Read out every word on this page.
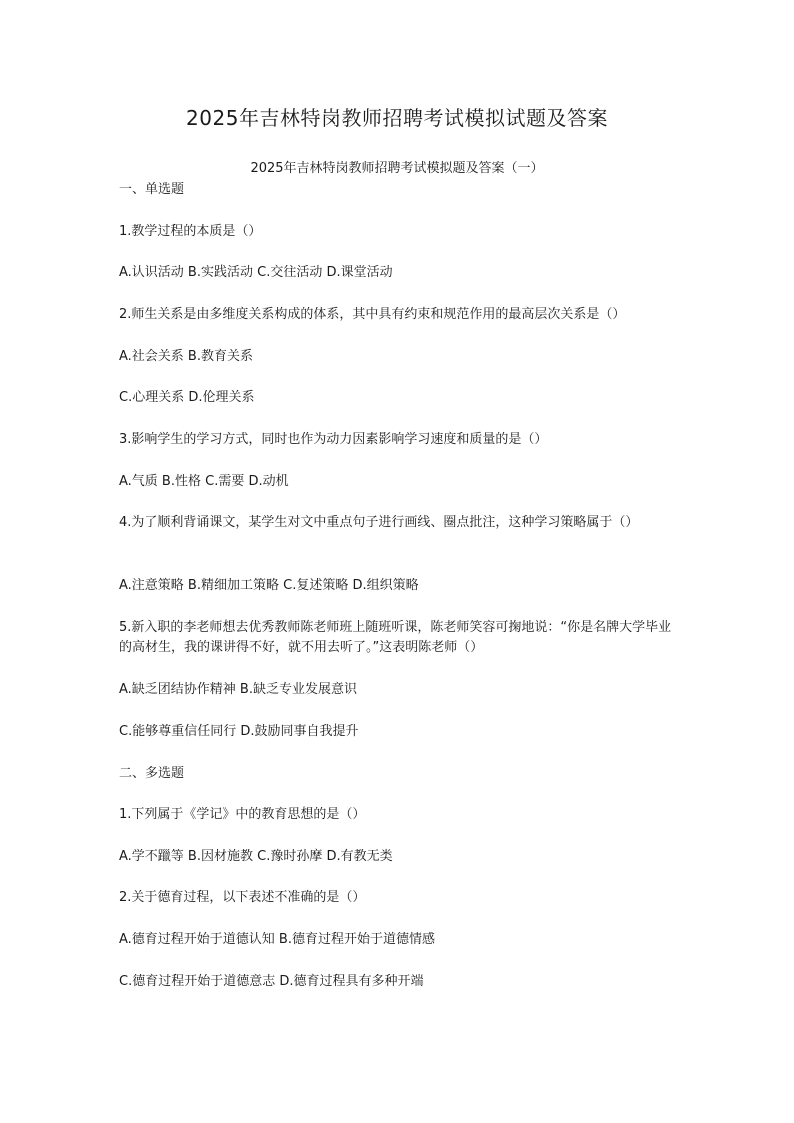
2025年吉林特岗教师招聘考试模拟试题及答案
2025年吉林特岗教师招聘考试模拟题及答案（一）

一、单选题

1.教学过程的本质是（）

A.认识活动 B.实践活动 C.交往活动 D.课堂活动

2.师生关系是由多维度关系构成的体系，其中具有约束和规范作用的最高层次关系是（）

A.社会关系 B.教育关系

C.心理关系 D.伦理关系

3.影响学生的学习方式，同时也作为动力因素影响学习速度和质量的是（）

A.气质 B.性格 C.需要 D.动机

4.为了顺利背诵课文，某学生对文中重点句子进行画线、圈点批注，这种学习策略属于（）

A.注意策略 B.精细加工策略 C.复述策略 D.组织策略

5.新入职的李老师想去优秀教师陈老师班上随班听课，陈老师笑容可掬地说：“你是名牌大学毕业的高材生，我的课讲得不好，就不用去听了。”这表明陈老师（）

A.缺乏团结协作精神 B.缺乏专业发展意识

C.能够尊重信任同行 D.鼓励同事自我提升

二、多选题

1.下列属于《学记》中的教育思想的是（）

A.学不躐等 B.因材施教 C.豫时孙摩 D.有教无类

2.关于德育过程，以下表述不准确的是（）

A.德育过程开始于道德认知 B.德育过程开始于道德情感

C.德育过程开始于道德意志 D.德育过程具有多种开端
